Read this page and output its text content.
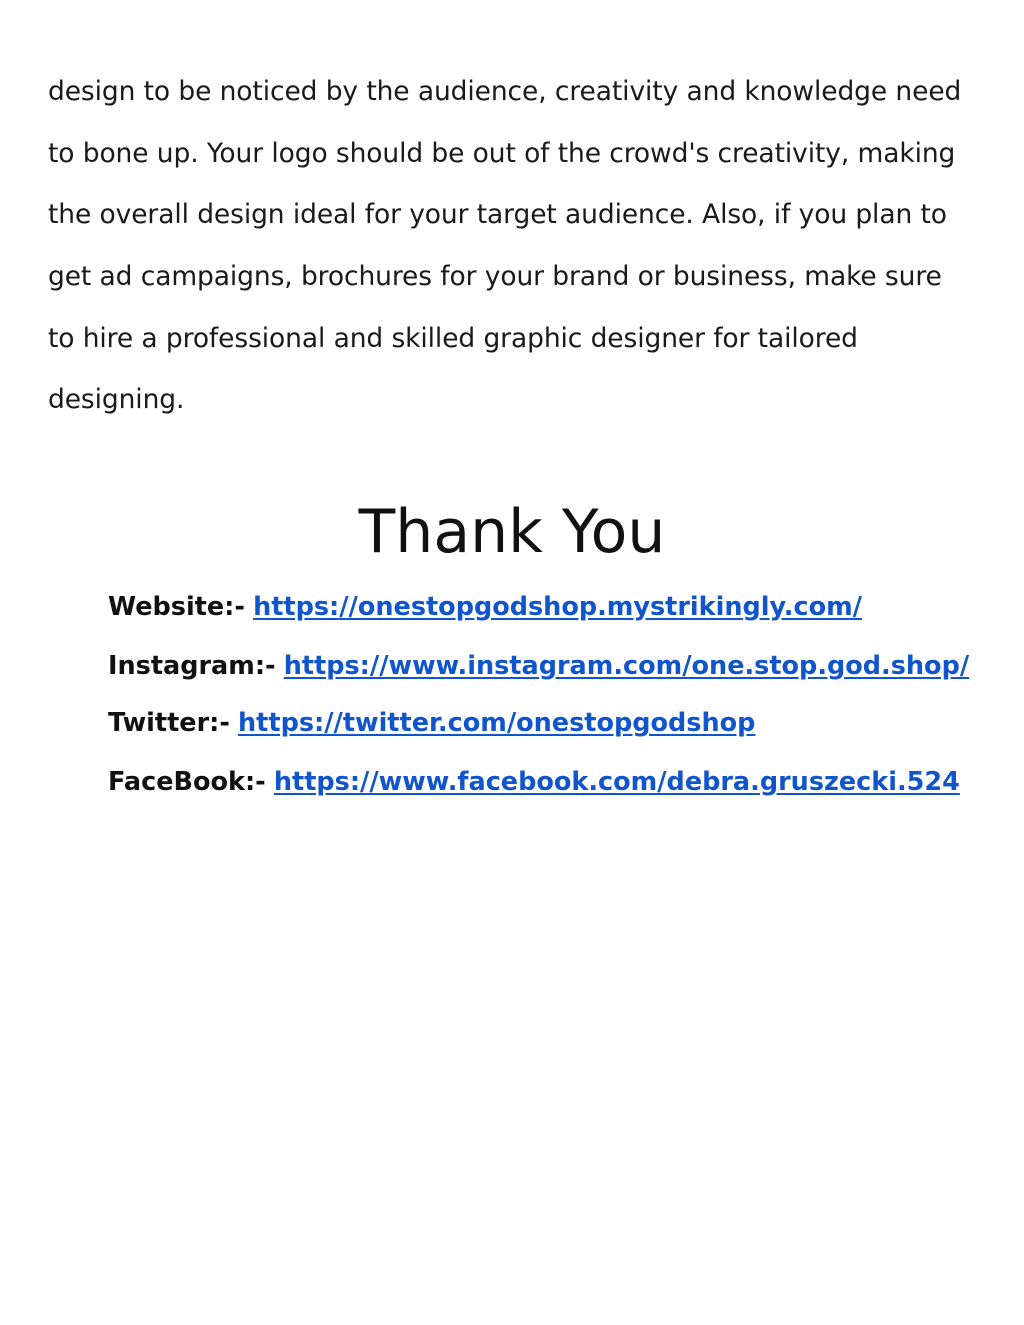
design to be noticed by the audience, creativity and knowledge need
to bone up. Your logo should be out of the crowd's creativity, making
the overall design ideal for your target audience. Also, if you plan to
get ad campaigns, brochures for your brand or business, make sure
to hire a professional and skilled graphic designer for tailored
designing.
Thank You
Website:- https://onestopgodshop.mystrikingly.com/
Instagram:- https://www.instagram.com/one.stop.god.shop/
Twitter:- https://twitter.com/onestopgodshop
FaceBook:- https://www.facebook.com/debra.gruszecki.524
